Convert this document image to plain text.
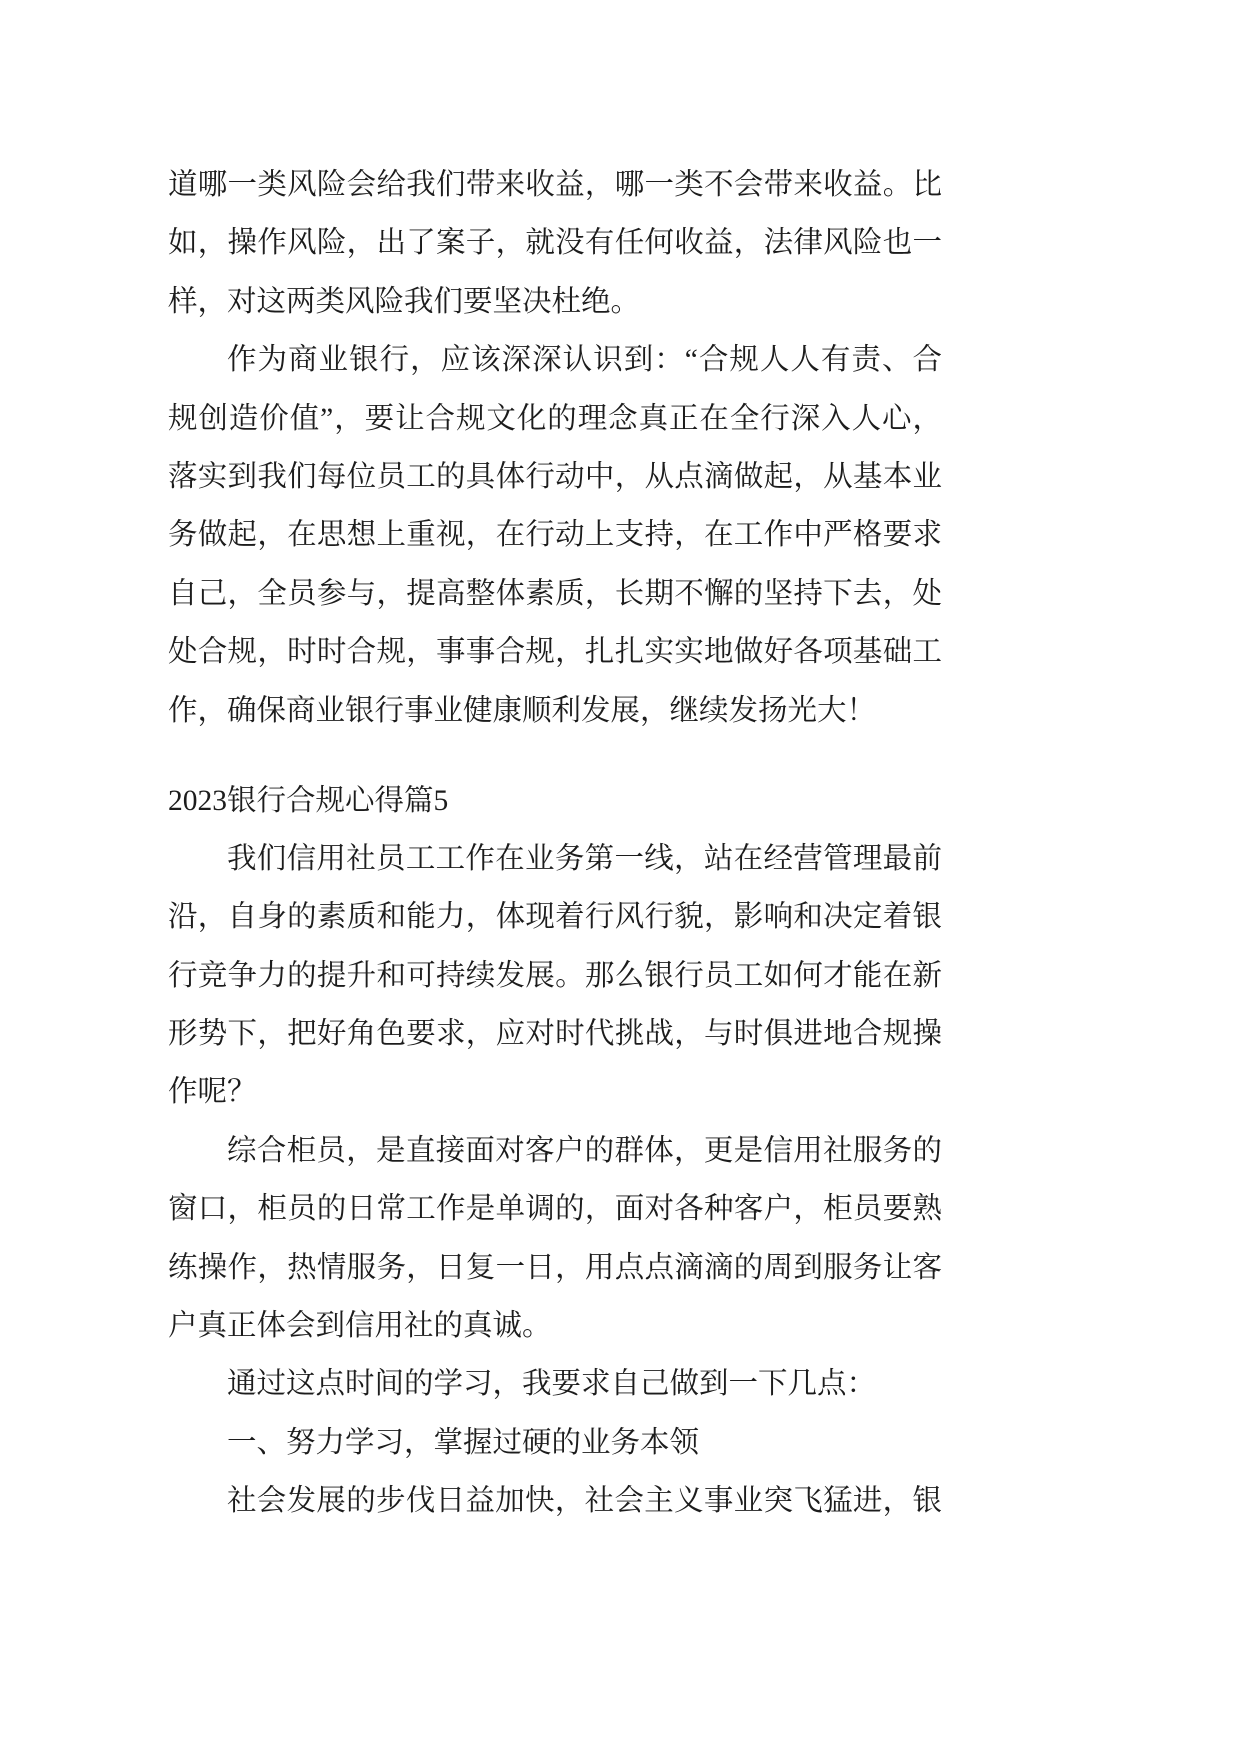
道哪一类风险会给我们带来收益，哪一类不会带来收益。比
如，操作风险，出了案子，就没有任何收益，法律风险也一
样，对这两类风险我们要坚决杜绝。
作为商业银行，应该深深认识到：“合规人人有责、合
规创造价值”，要让合规文化的理念真正在全行深入人心，
落实到我们每位员工的具体行动中，从点滴做起，从基本业
务做起，在思想上重视，在行动上支持，在工作中严格要求
自己，全员参与，提高整体素质，长期不懈的坚持下去，处
处合规，时时合规，事事合规，扎扎实实地做好各项基础工
作，确保商业银行事业健康顺利发展，继续发扬光大！
2023银行合规心得篇5
我们信用社员工工作在业务第一线，站在经营管理最前
沿，自身的素质和能力，体现着行风行貌，影响和决定着银
行竞争力的提升和可持续发展。那么银行员工如何才能在新
形势下，把好角色要求，应对时代挑战，与时俱进地合规操
作呢？
综合柜员，是直接面对客户的群体，更是信用社服务的
窗口，柜员的日常工作是单调的，面对各种客户，柜员要熟
练操作，热情服务，日复一日，用点点滴滴的周到服务让客
户真正体会到信用社的真诚。
通过这点时间的学习，我要求自己做到一下几点：
一、努力学习，掌握过硬的业务本领
社会发展的步伐日益加快，社会主义事业突飞猛进，银
